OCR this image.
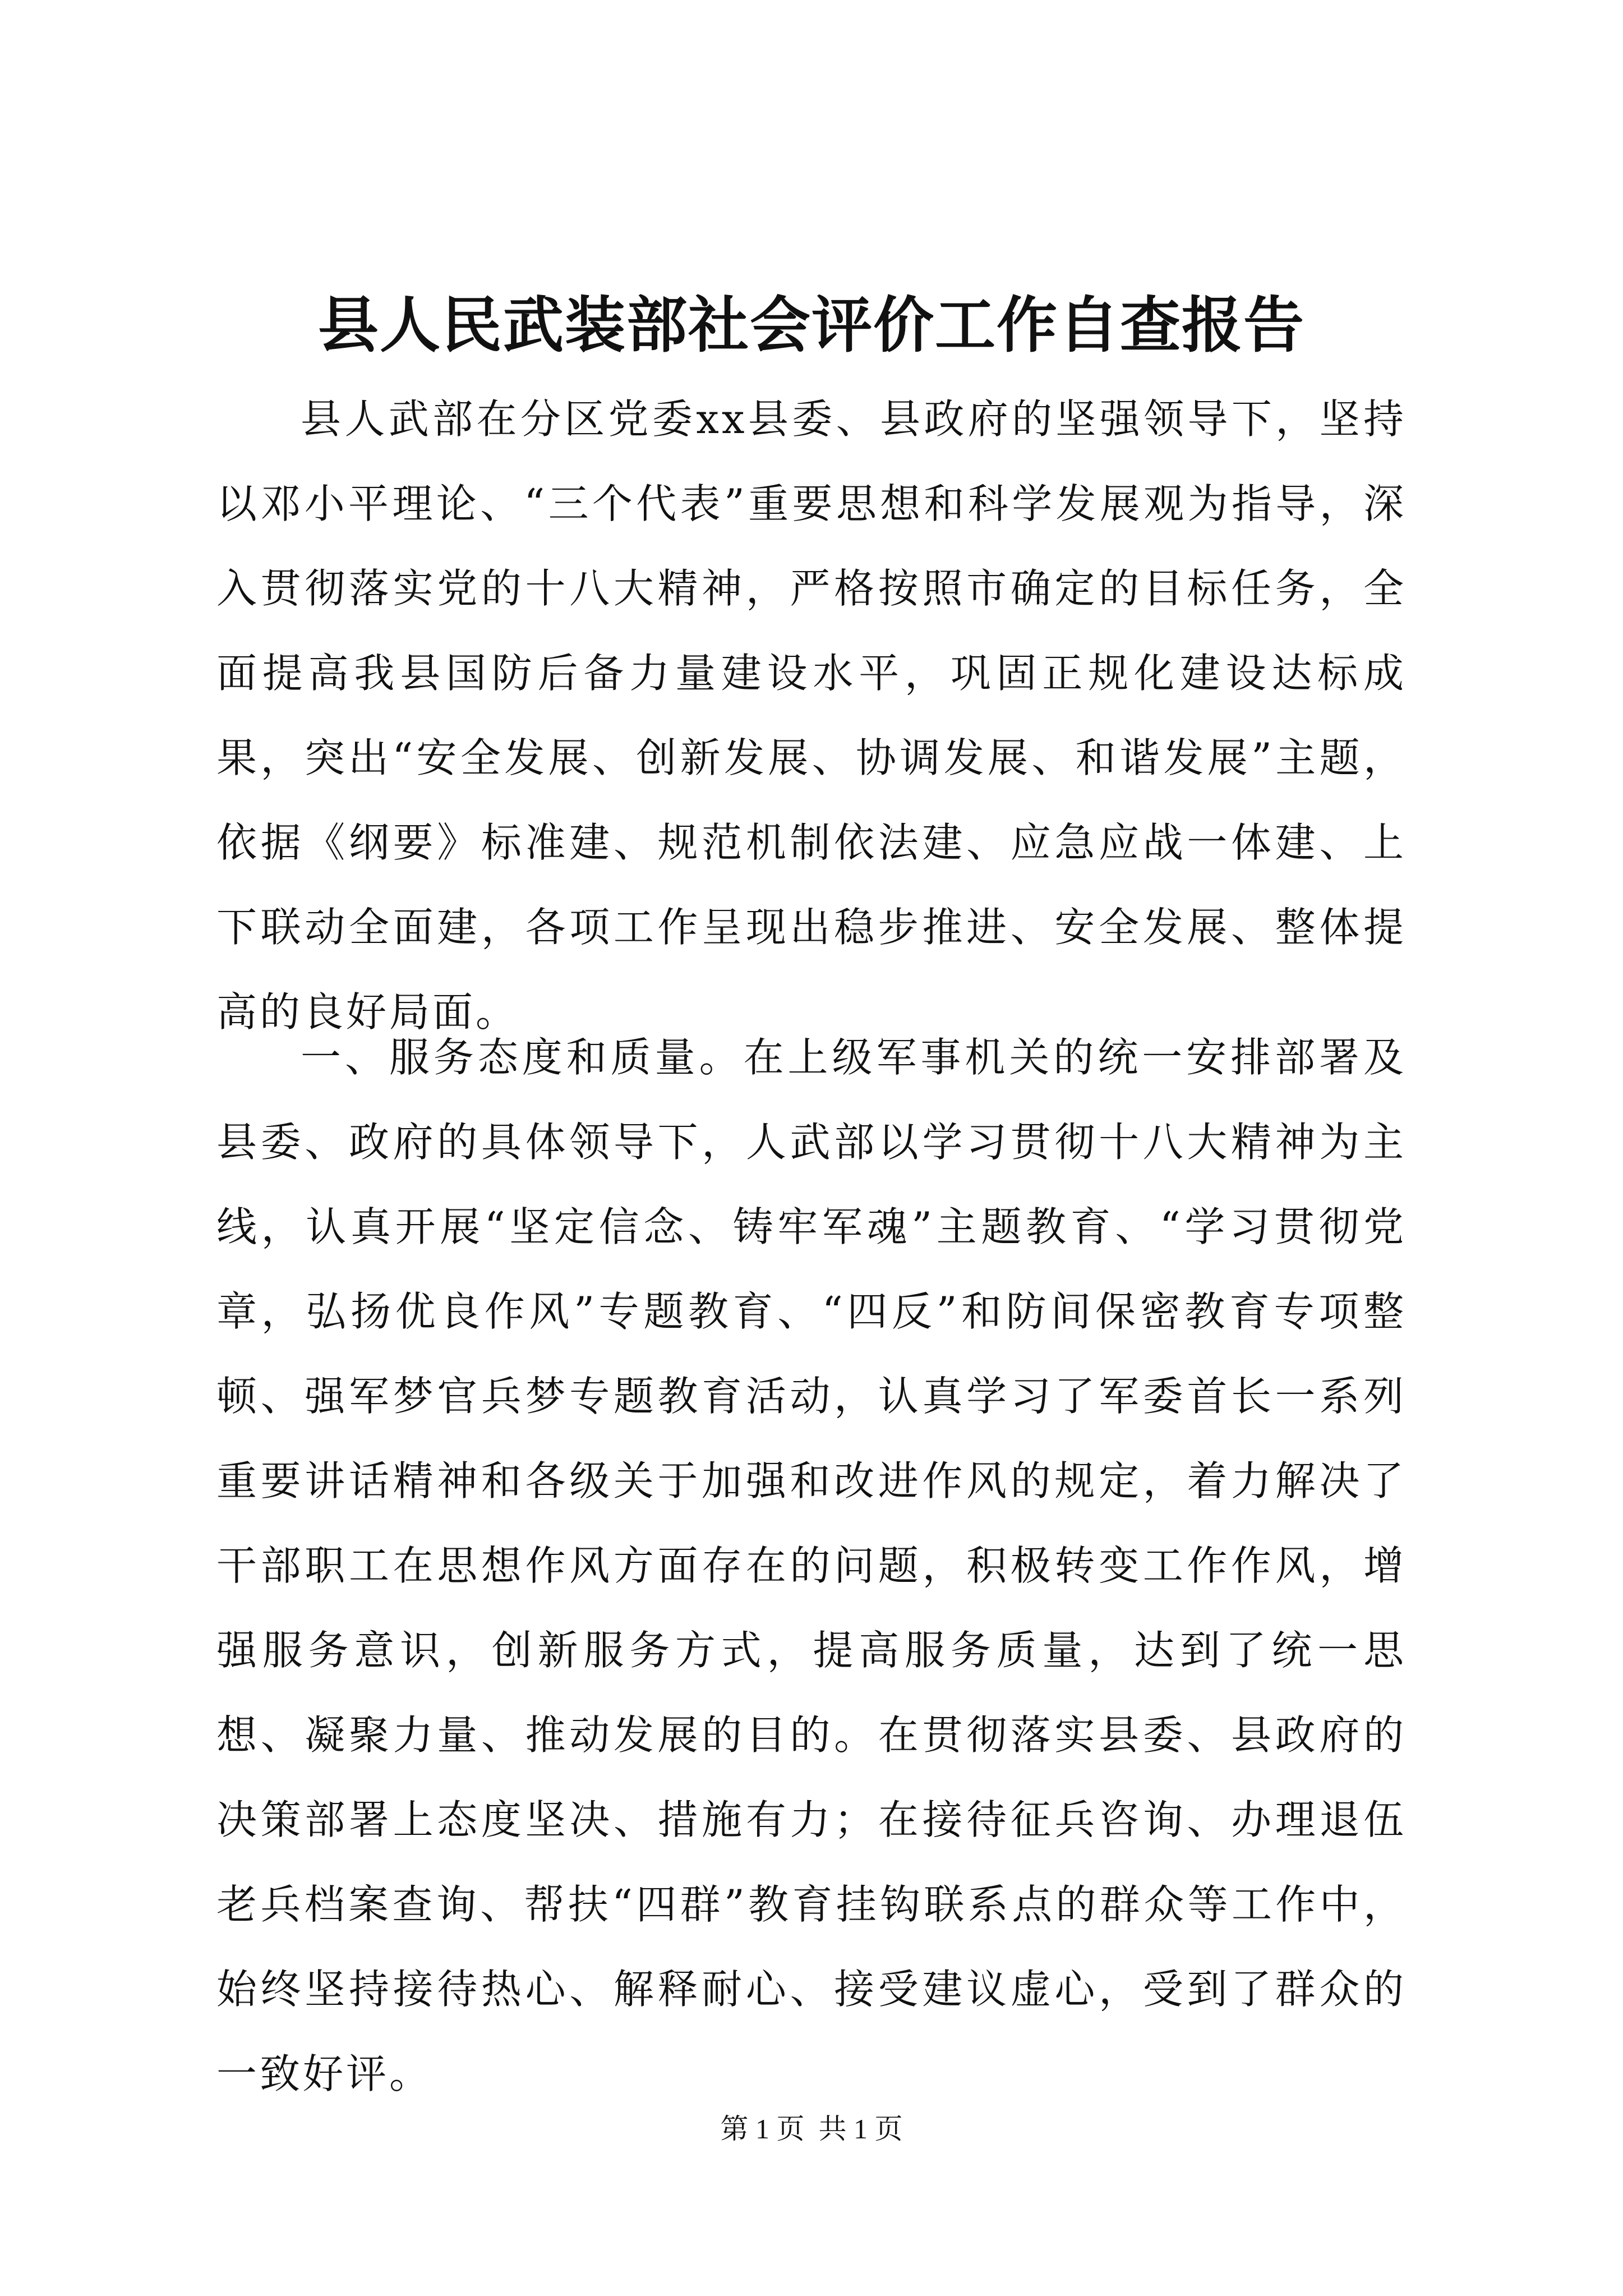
县人民武装部社会评价工作自查报告

县人武部在分区党委xx县委、县政府的坚强领导下，坚持以邓小平理论、“三个代表”重要思想和科学发展观为指导，深入贯彻落实党的十八大精神，严格按照市确定的目标任务，全面提高我县国防后备力量建设水平，巩固正规化建设达标成果，突出“安全发展、创新发展、协调发展、和谐发展”主题，依据《纲要》标准建、规范机制依法建、应急应战一体建、上下联动全面建，各项工作呈现出稳步推进、安全发展、整体提高的良好局面。

一、服务态度和质量。在上级军事机关的统一安排部署及县委、政府的具体领导下，人武部以学习贯彻十八大精神为主线，认真开展“坚定信念、铸牢军魂”主题教育、“学习贯彻党章，弘扬优良作风”专题教育、“四反”和防间保密教育专项整顿、强军梦官兵梦专题教育活动，认真学习了军委首长一系列重要讲话精神和各级关于加强和改进作风的规定，着力解决了干部职工在思想作风方面存在的问题，积极转变工作作风，增强服务意识，创新服务方式，提高服务质量，达到了统一思想、凝聚力量、推动发展的目的。在贯彻落实县委、县政府的决策部署上态度坚决、措施有力；在接待征兵咨询、办理退伍老兵档案查询、帮扶“四群”教育挂钩联系点的群众等工作中，始终坚持接待热心、解释耐心、接受建议虚心，受到了群众的一致好评。

第 1 页  共 1 页
